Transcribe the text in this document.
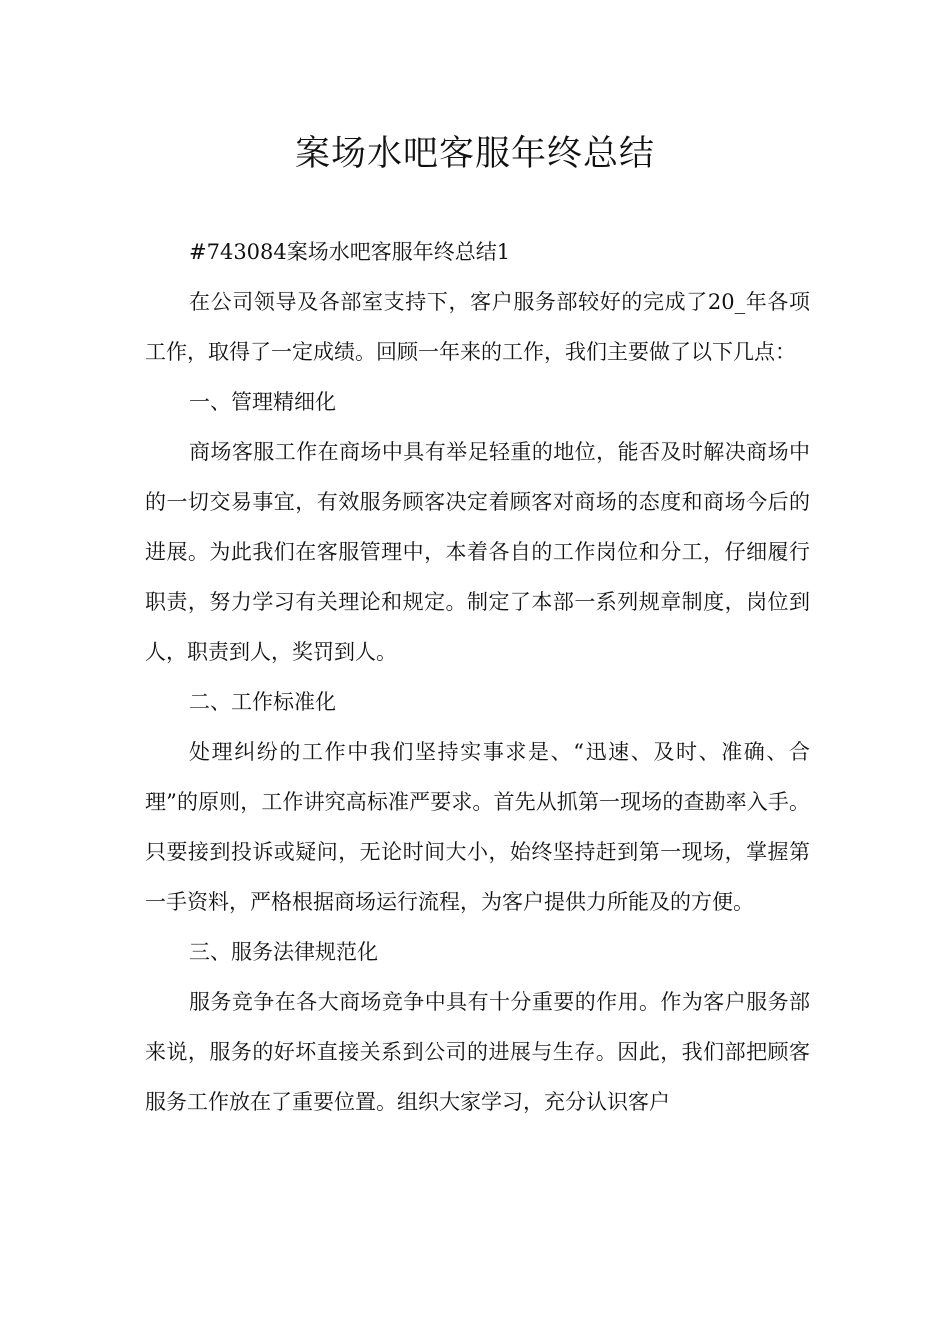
案场水吧客服年终总结

#743084案场水吧客服年终总结1

在公司领导及各部室支持下，客户服务部较好的完成了20_年各项工作，取得了一定成绩。回顾一年来的工作，我们主要做了以下几点：

一、管理精细化

商场客服工作在商场中具有举足轻重的地位，能否及时解决商场中的一切交易事宜，有效服务顾客决定着顾客对商场的态度和商场今后的进展。为此我们在客服管理中，本着各自的工作岗位和分工，仔细履行职责，努力学习有关理论和规定。制定了本部一系列规章制度，岗位到人，职责到人，奖罚到人。

二、工作标准化

处理纠纷的工作中我们坚持实事求是、“迅速、及时、准确、合理”的原则，工作讲究高标准严要求。首先从抓第一现场的查勘率入手。只要接到投诉或疑问，无论时间大小，始终坚持赶到第一现场，掌握第一手资料，严格根据商场运行流程，为客户提供力所能及的方便。

三、服务法律规范化

服务竞争在各大商场竞争中具有十分重要的作用。作为客户服务部来说，服务的好坏直接关系到公司的进展与生存。因此，我们部把顾客服务工作放在了重要位置。组织大家学习，充分认识客户
